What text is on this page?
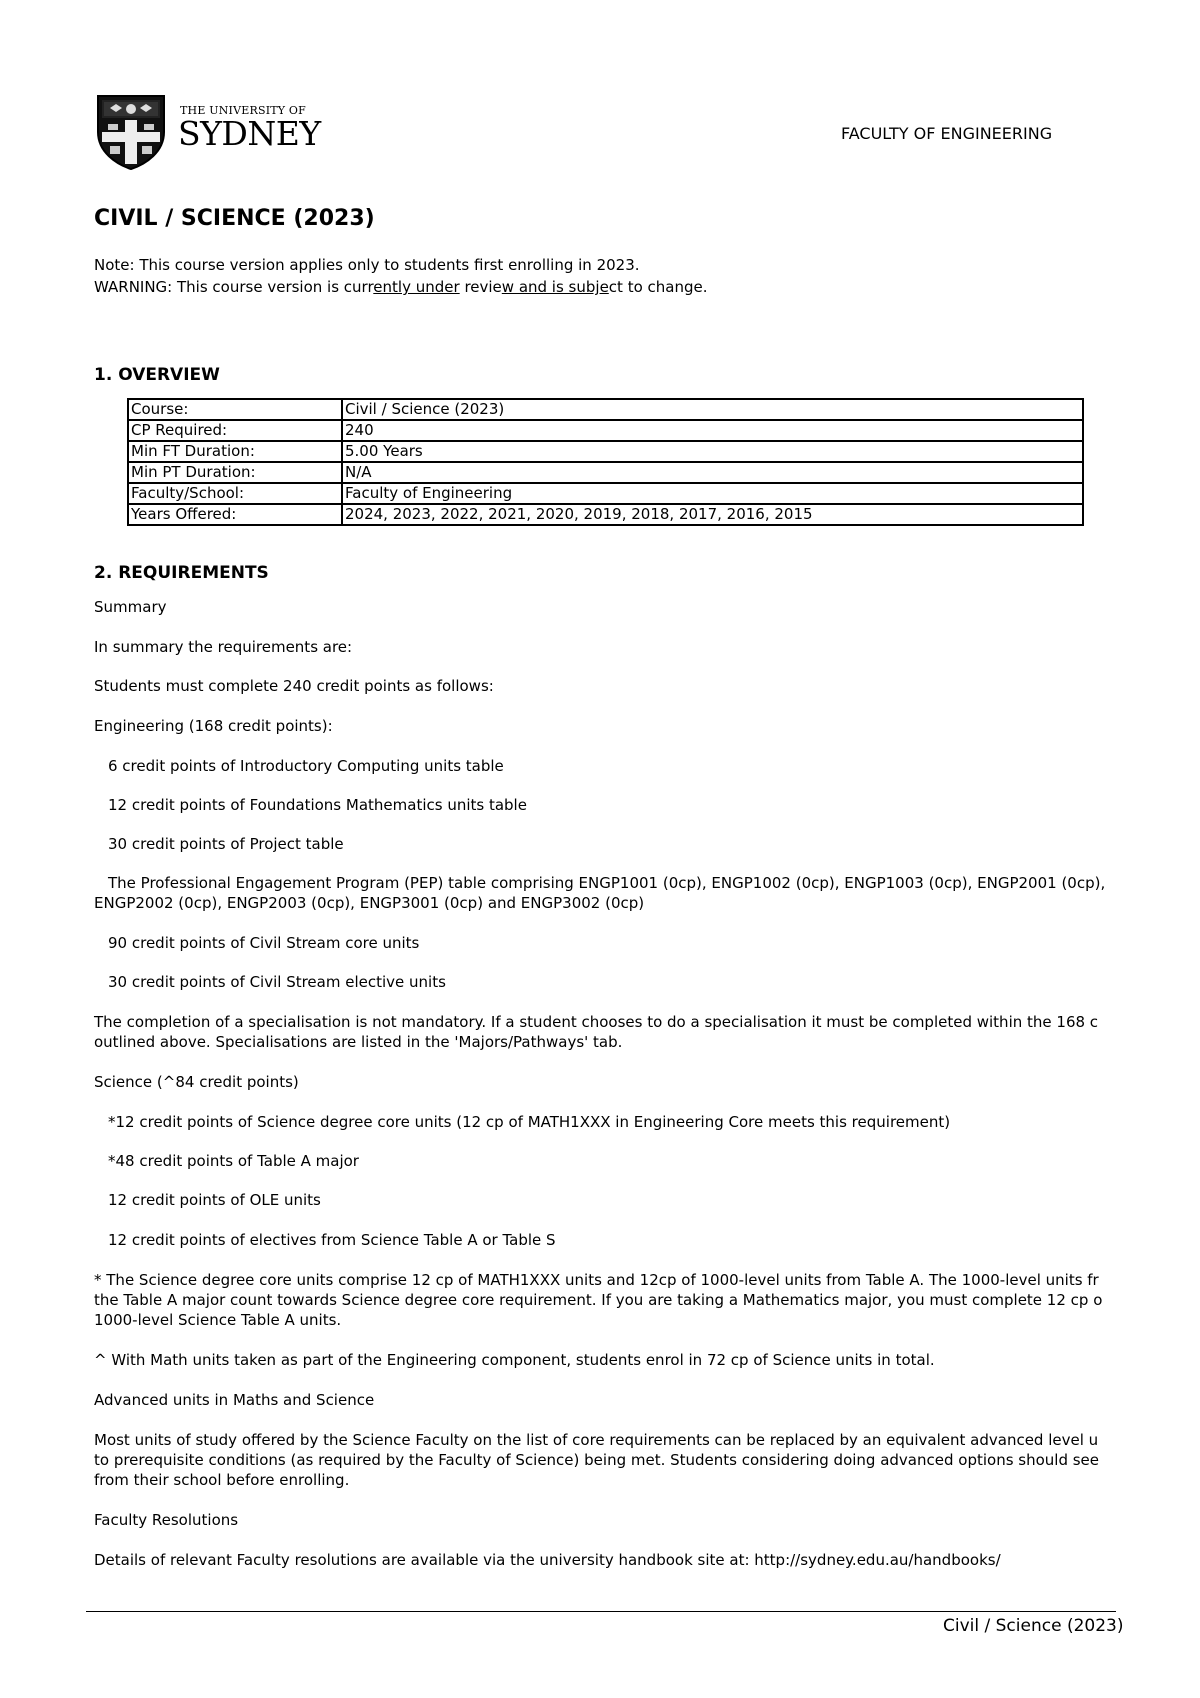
THE UNIVERSITY OF
SYDNEY	FACULTY OF ENGINEERING
CIVIL / SCIENCE (2023)
Note: This course version applies only to students first enrolling in 2023.
WARNING: This course version is currently under review and is subject to change.
1. OVERVIEW
Course:	Civil / Science (2023)
CP Required:	240
Min FT Duration:	5.00 Years
Min PT Duration:	N/A
Faculty/School:	Faculty of Engineering
Years Offered:	2024, 2023, 2022, 2021, 2020, 2019, 2018, 2017, 2016, 2015
2. REQUIREMENTS
Summary
In summary the requirements are:
Students must complete 240 credit points as follows:
Engineering (168 credit points):
6 credit points of Introductory Computing units table
12 credit points of Foundations Mathematics units table
30 credit points of Project table
The Professional Engagement Program (PEP) table comprising ENGP1001 (0cp), ENGP1002 (0cp), ENGP1003 (0cp), ENGP2001 (0cp),
ENGP2002 (0cp), ENGP2003 (0cp), ENGP3001 (0cp) and ENGP3002 (0cp)
90 credit points of Civil Stream core units
30 credit points of Civil Stream elective units
The completion of a specialisation is not mandatory. If a student chooses to do a specialisation it must be completed within the 168 c
outlined above. Specialisations are listed in the 'Majors/Pathways' tab.
Science (^84 credit points)
*12 credit points of Science degree core units (12 cp of MATH1XXX in Engineering Core meets this requirement)
*48 credit points of Table A major
12 credit points of OLE units
12 credit points of electives from Science Table A or Table S
* The Science degree core units comprise 12 cp of MATH1XXX units and 12cp of 1000-level units from Table A. The 1000-level units fr
the Table A major count towards Science degree core requirement. If you are taking a Mathematics major, you must complete 12 cp o
1000-level Science Table A units.
^ With Math units taken as part of the Engineering component, students enrol in 72 cp of Science units in total.
Advanced units in Maths and Science
Most units of study offered by the Science Faculty on the list of core requirements can be replaced by an equivalent advanced level u
to prerequisite conditions (as required by the Faculty of Science) being met. Students considering doing advanced options should see
from their school before enrolling.
Faculty Resolutions
Details of relevant Faculty resolutions are available via the university handbook site at: http://sydney.edu.au/handbooks/
Civil / Science (2023)
